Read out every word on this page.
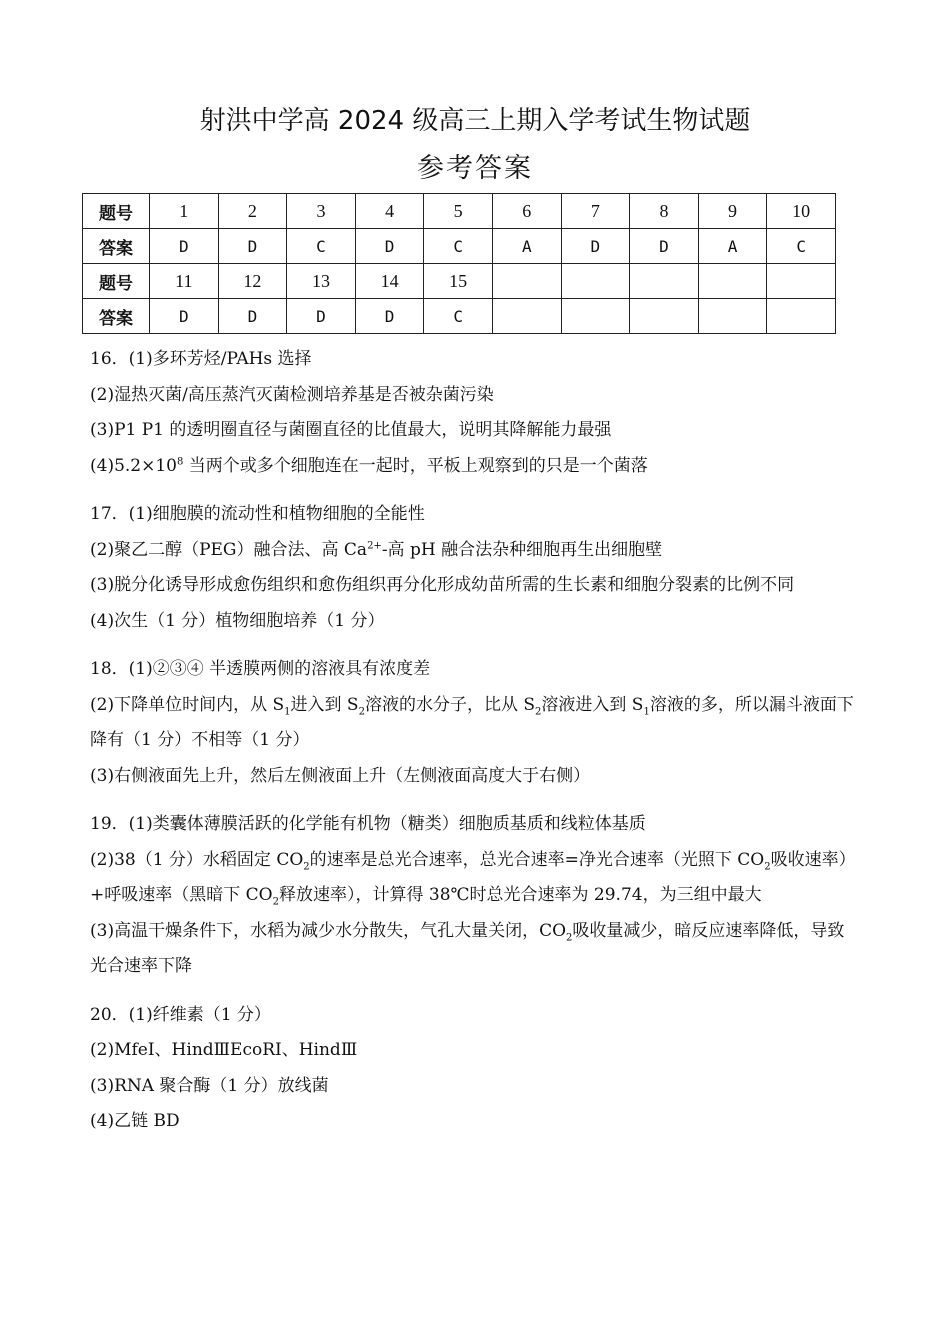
射洪中学高 2024 级高三上期入学考试生物试题
参考答案
题号	1	2	3	4	5	6	7	8	9	10
答案	D	D	C	D	C	A	D	D	A	C
题号	11	12	13	14	15					
答案	D	D	D	D	C					

16．(1)多环芳烃/PAHs 选择

(2)湿热灭菌/高压蒸汽灭菌检测培养基是否被杂菌污染

(3)P1 P1 的透明圈直径与菌圈直径的比值最大，说明其降解能力最强

$(4)5.2\times 10^8$ 当两个或多个细胞连在一起时，平板上观察到的只是一个菌落

17．(1)细胞膜的流动性和植物细胞的全能性

(2)聚乙二醇（PEG）融合法、高 $Ca^{2+}-$高 pH 融合法杂种细胞再生出细胞壁

(3)脱分化诱导形成愈伤组织和愈伤组织再分化形成幼苗所需的生长素和细胞分裂素的比例不同

(4)次生（1 分）植物细胞培养（1 分）

18．(1)②③④ 半透膜两侧的溶液具有浓度差

(2)下降单位时间内，从 $S_1$进入到 $S_2$溶液的水分子，比从 $S_2$溶液进入到 $S_1$溶液的多，所以漏斗液面下降有（1 分）不相等（1 分）

(3)右侧液面先上升，然后左侧液面上升（左侧液面高度大于右侧）

19．(1)类囊体薄膜活跃的化学能有机物（糖类）细胞质基质和线粒体基质

(2)38（1 分）水稻固定 $CO_2$的速率是总光合速率，总光合速率=净光合速率（光照下 $CO_2$吸收速率）+呼吸速率（黑暗下 $CO_2$释放速率），计算得 38℃时总光合速率为 29.74，为三组中最大

(3)高温干燥条件下，水稻为减少水分散失，气孔大量关闭，$CO_2$吸收量减少，暗反应速率降低，导致光合速率下降

20．(1)纤维素（1 分）

(2)MfeI、HindⅢEcoRI、HindⅢ

(3)RNA 聚合酶（1 分）放线菌

(4)乙链 BD
